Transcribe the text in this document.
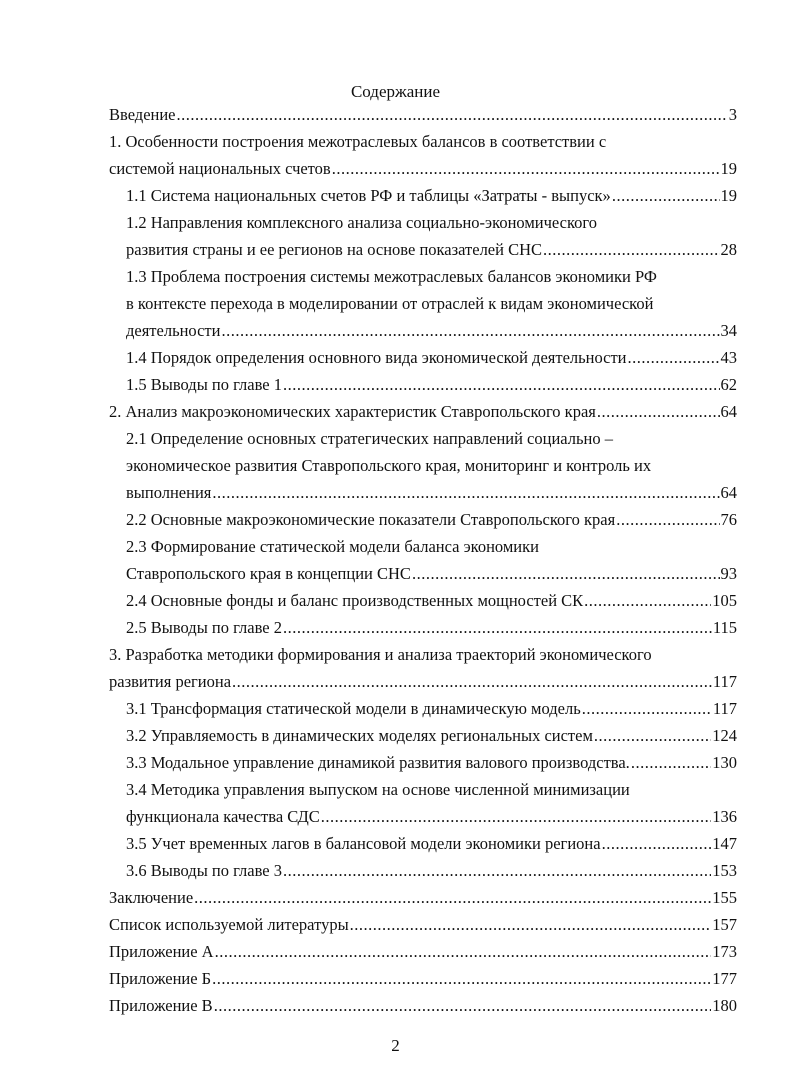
Содержание
Введение .....	3
1. Особенности построения межотраслевых балансов в соответствии с
системой национальных счетов .....	19
1.1 Система национальных счетов РФ и таблицы «Затраты - выпуск» .....	19
1.2 Направления комплексного анализа социально-экономического
развития страны и ее регионов на основе показателей СНС .....	28
1.3 Проблема построения системы межотраслевых балансов экономики РФ
в контексте перехода в моделировании от отраслей к видам экономической
деятельности .....	34
1.4 Порядок определения основного вида экономической деятельности .....	43
1.5 Выводы по главе 1 .....	62
2. Анализ макроэкономических характеристик Ставропольского края .....	64
2.1 Определение основных стратегических направлений социально –
экономическое развития Ставропольского края, мониторинг и контроль их
выполнения .....	64
2.2 Основные макроэкономические показатели Ставропольского края .....	76
2.3 Формирование статической модели баланса экономики
Ставропольского края в концепции СНС .....	93
2.4 Основные фонды и баланс производственных мощностей СК .....	105
2.5 Выводы по главе 2 .....	115
3. Разработка методики формирования и анализа траекторий экономического
развития региона .....	117
3.1 Трансформация статической модели в динамическую модель .....	117
3.2 Управляемость в динамических моделях региональных систем .....	124
3.3 Модальное управление динамикой развития валового производства. .....	130
3.4 Методика управления выпуском на основе численной минимизации
функционала качества СДС .....	136
3.5 Учет временных лагов в балансовой модели экономики региона .....	147
3.6 Выводы по главе 3 .....	153
Заключение .....	155
Список используемой литературы .....	157
Приложение А .....	173
Приложение Б .....	177
Приложение В .....	180
2
